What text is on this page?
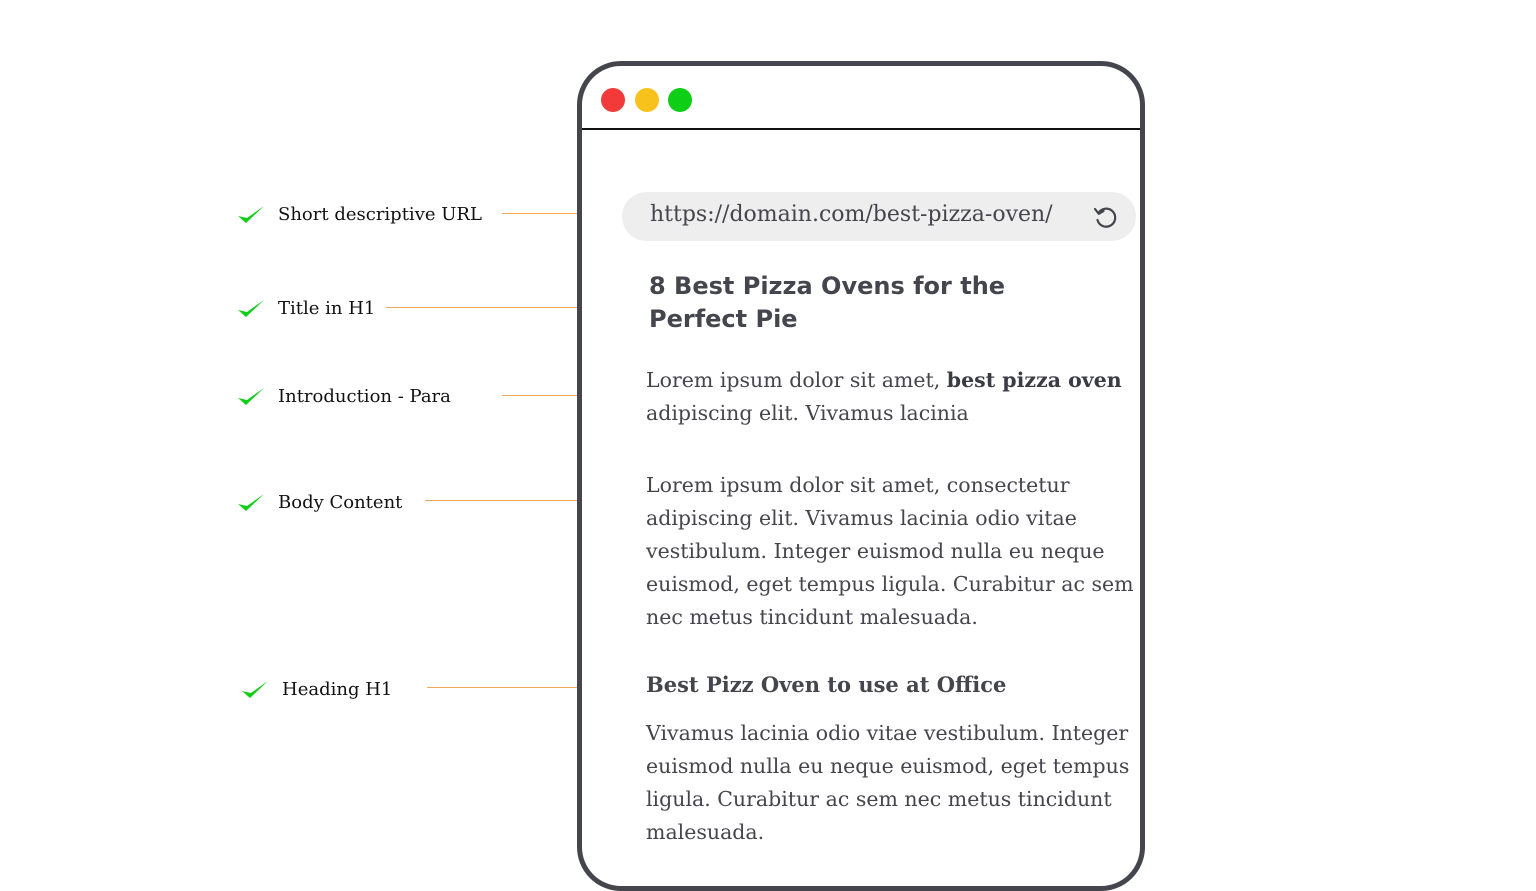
Short descriptive URL
Title in H1
Introduction - Para
Body Content
Heading H1
https://domain.com/best-pizza-oven/
8 Best Pizza Ovens for the Perfect Pie
Lorem ipsum dolor sit amet, best pizza oven adipiscing elit. Vivamus lacinia
Lorem ipsum dolor sit amet, consectetur adipiscing elit. Vivamus lacinia odio vitae vestibulum. Integer euismod nulla eu neque euismod, eget tempus ligula. Curabitur ac sem nec metus tincidunt malesuada.
Best Pizz Oven to use at Office
Vivamus lacinia odio vitae vestibulum. Integer euismod nulla eu neque euismod, eget tempus ligula. Curabitur ac sem nec metus tincidunt malesuada.
